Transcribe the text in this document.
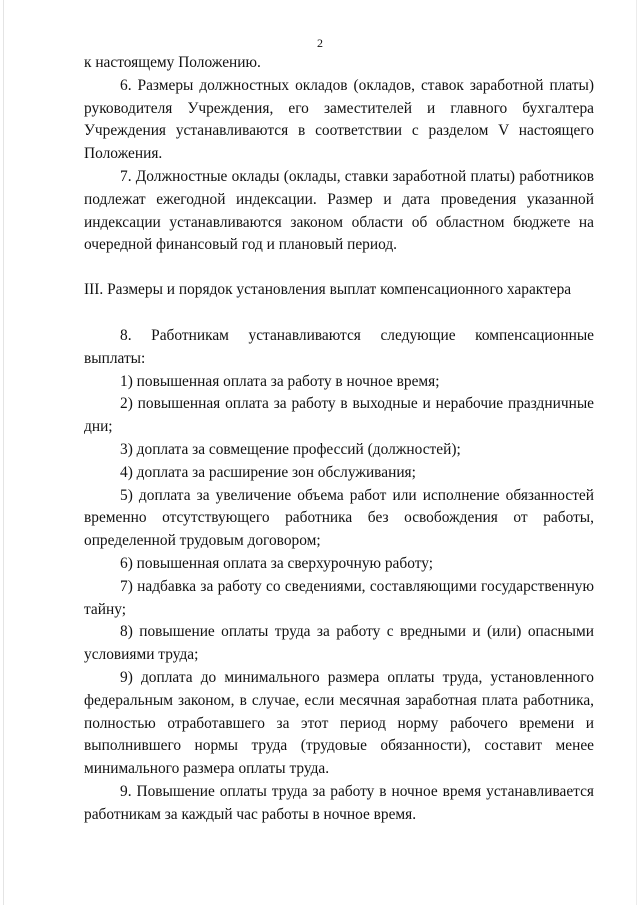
2

к настоящему Положению.

6. Размеры должностных окладов (окладов, ставок заработной платы) руководителя Учреждения, его заместителей и главного бухгалтера Учреждения устанавливаются в соответствии с разделом V настоящего Положения.

7. Должностные оклады (оклады, ставки заработной платы) работников подлежат ежегодной индексации. Размер и дата проведения указанной индексации устанавливаются законом области об областном бюджете на очередной финансовый год и плановый период.

III. Размеры и порядок установления выплат компенсационного характера

8. Работникам устанавливаются следующие компенсационные выплаты:

1) повышенная оплата за работу в ночное время;

2) повышенная оплата за работу в выходные и нерабочие праздничные дни;

3) доплата за совмещение профессий (должностей);

4) доплата за расширение зон обслуживания;

5) доплата за увеличение объема работ или исполнение обязанностей временно отсутствующего работника без освобождения от работы, определенной трудовым договором;

6) повышенная оплата за сверхурочную работу;

7) надбавка за работу со сведениями, составляющими государственную тайну;

8) повышение оплаты труда за работу с вредными и (или) опасными условиями труда;

9) доплата до минимального размера оплаты труда, установленного федеральным законом, в случае, если месячная заработная плата работника, полностью отработавшего за этот период норму рабочего времени и выполнившего нормы труда (трудовые обязанности), составит менее минимального размера оплаты труда.

9. Повышение оплаты труда за работу в ночное время устанавливается работникам за каждый час работы в ночное время.
